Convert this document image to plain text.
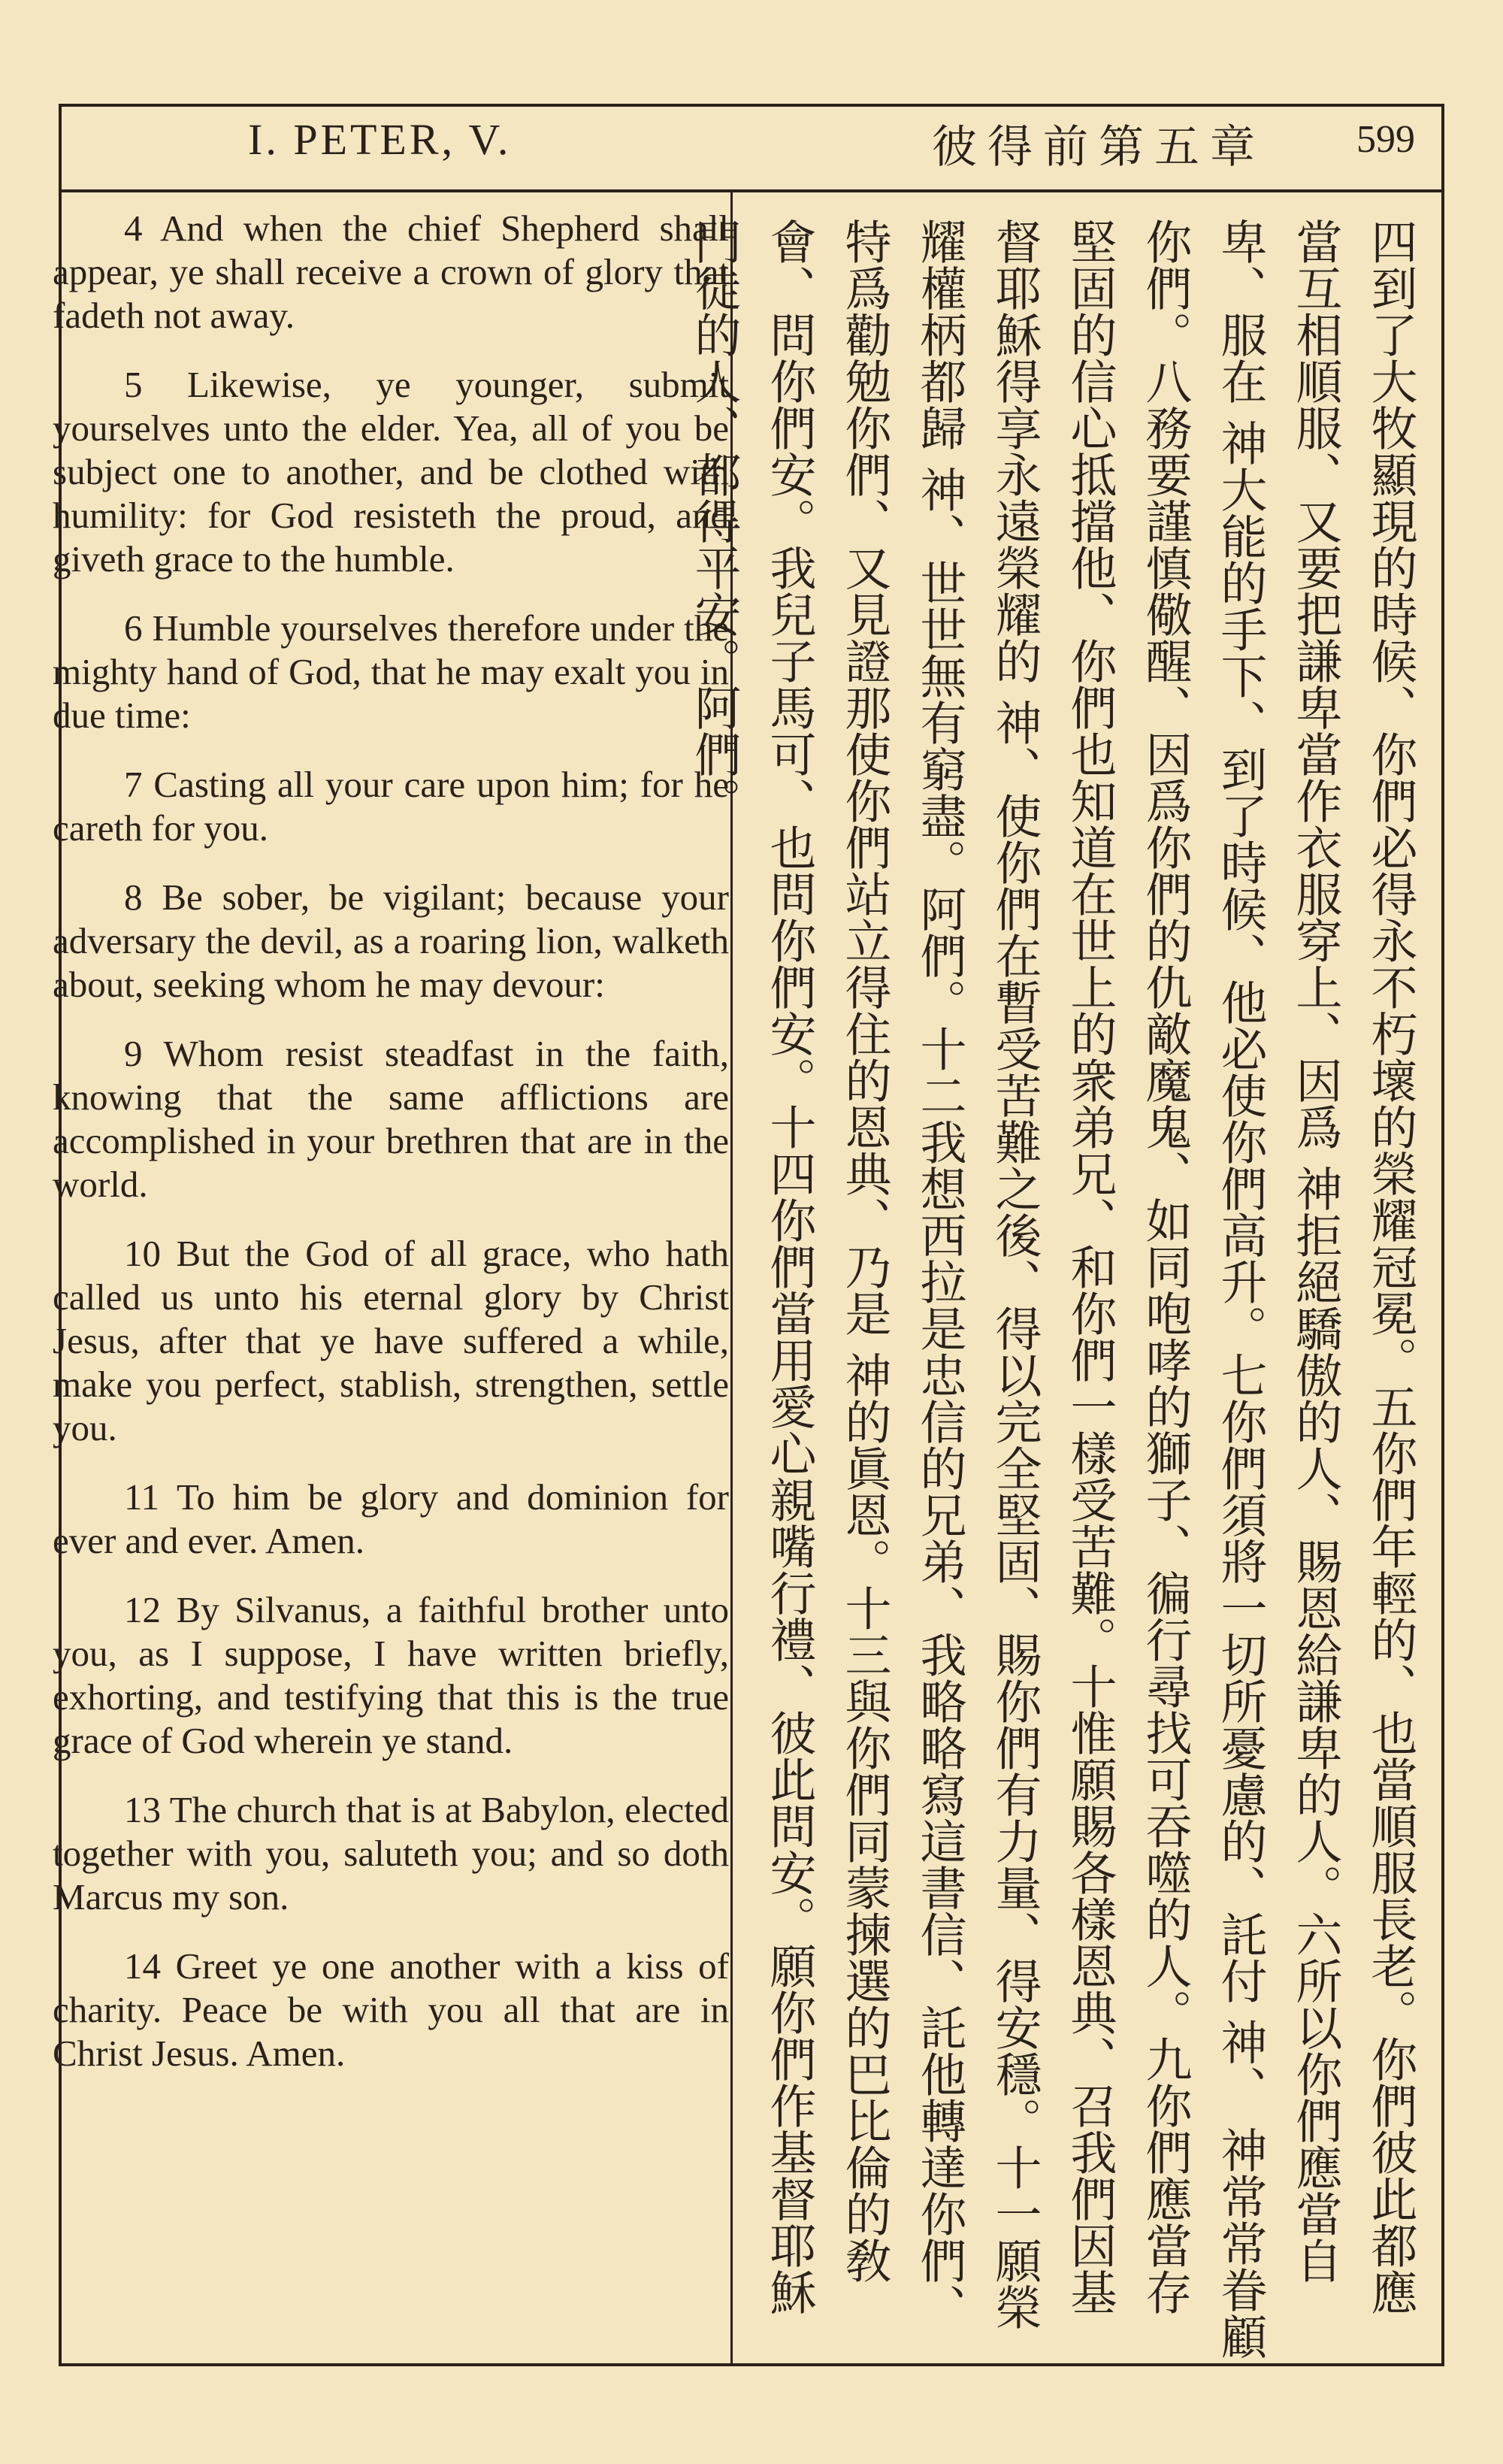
I. PETER, V.	彼得前第五章 599

4 And when the chief Shepherd shall appear, ye shall receive a crown of glory that fadeth not away.

5 Likewise, ye younger, submit yourselves unto the elder. Yea, all of you be subject one to another, and be clothed with humility: for God resisteth the proud, and giveth grace to the humble.

6 Humble yourselves therefore under the mighty hand of God, that he may exalt you in due time:

7 Casting all your care upon him; for he careth for you.

8 Be sober, be vigilant; because your adversary the devil, as a roaring lion, walketh about, seeking whom he may devour:

9 Whom resist steadfast in the faith, knowing that the same afflictions are accomplished in your brethren that are in the world.

10 But the God of all grace, who hath called us unto his eternal glory by Christ Jesus, after that ye have suffered a while, make you perfect, stablish, strengthen, settle you.

11 To him be glory and dominion for ever and ever. Amen.

12 By Silvanus, a faithful brother unto you, as I suppose, I have written briefly, exhorting, and testifying that this is the true grace of God wherein ye stand.

13 The church that is at Babylon, elected together with you, saluteth you; and so doth Marcus my son.

14 Greet ye one another with a kiss of charity. Peace be with you all that are in Christ Jesus. Amen.	四到了大牧顯現的時候、你們必得永不朽壞的榮耀冠冕。五你們年輕的、也當順服長老。你們彼此都應當互相順服、又要把謙卑當作衣服穿上、因爲 神拒絕驕傲的人、賜恩給謙卑的人。六所以你們應當自卑、服在 神大能的手下、到了時候、他必使你們高升。七你們須將一切所憂慮的、託付 神、 神常常眷顧你們。八務要謹慎儆醒、因爲你們的仇敵魔鬼、如同咆哮的獅子、徧行尋找可吞噬的人。九你們應當存堅固的信心抵擋他、你們也知道在世上的衆弟兄、和你們一樣受苦難。十惟願賜各樣恩典、召我們因基督耶穌得享永遠榮耀的 神、使你們在暫受苦難之後、得以完全堅固、賜你們有力量、得安穩。十一願榮耀權柄都歸 神、世世無有窮盡。阿們。十二我想西拉是忠信的兄弟、我略略寫這書信、託他轉達你們、特爲勸勉你們、又見證那使你們站立得住的恩典、乃是 神的眞恩。十三與你們同蒙揀選的巴比倫的敎會、問你們安。我兒子馬可、也問你們安。十四你們當用愛心親嘴行禮、彼此問安。願你們作基督耶穌門徒的人、都得平安。阿們。
